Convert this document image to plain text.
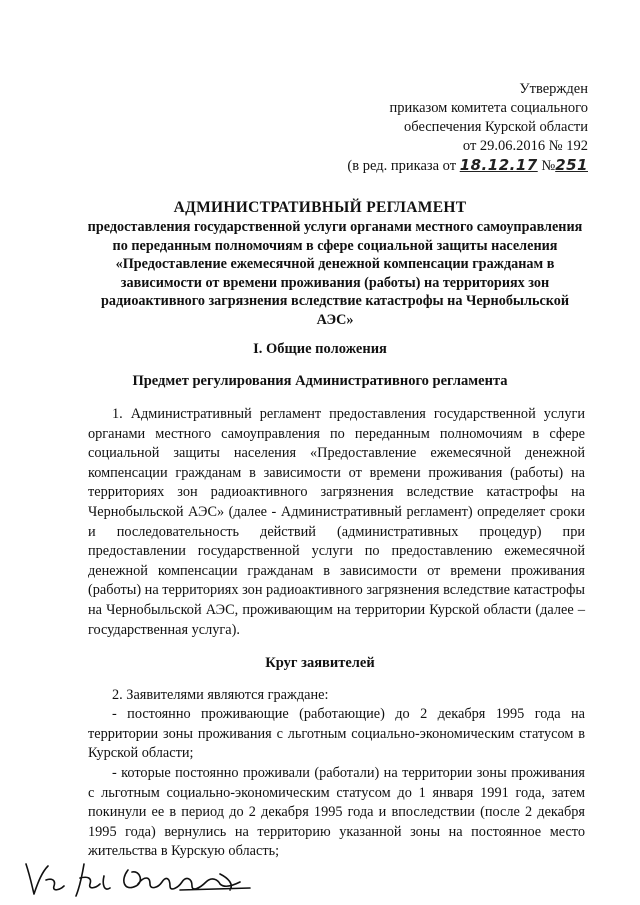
Утвержден
приказом комитета социального
обеспечения Курской области
от 29.06.2016 № 192
(в ред. приказа от 18.12.17 №251
АДМИНИСТРАТИВНЫЙ РЕГЛАМЕНТ
предоставления государственной услуги органами местного самоуправления по переданным полномочиям в сфере социальной защиты населения «Предоставление ежемесячной денежной компенсации гражданам в зависимости от времени проживания (работы) на территориях зон радиоактивного загрязнения вследствие катастрофы на Чернобыльской АЭС»
I. Общие положения
Предмет регулирования Административного регламента
1. Административный регламент предоставления государственной услуги органами местного самоуправления по переданным полномочиям в сфере социальной защиты населения «Предоставление ежемесячной денежной компенсации гражданам в зависимости от времени проживания (работы) на территориях зон радиоактивного загрязнения вследствие катастрофы на Чернобыльской АЭС» (далее - Административный регламент) определяет сроки и последовательность действий (административных процедур) при предоставлении государственной услуги по предоставлению ежемесячной денежной компенсации гражданам в зависимости от времени проживания (работы) на территориях зон радиоактивного загрязнения вследствие катастрофы на Чернобыльской АЭС, проживающим на территории Курской области (далее – государственная услуга).
Круг заявителей
2. Заявителями являются граждане:
- постоянно проживающие (работающие) до 2 декабря 1995 года на территории зоны проживания с льготным социально-экономическим статусом в Курской области;
- которые постоянно проживали (работали) на территории зоны проживания с льготным социально-экономическим статусом до 1 января 1991 года, затем покинули ее в период до 2 декабря 1995 года и впоследствии (после 2 декабря 1995 года) вернулись на территорию указанной зоны на постоянное место жительства в Курскую область;
